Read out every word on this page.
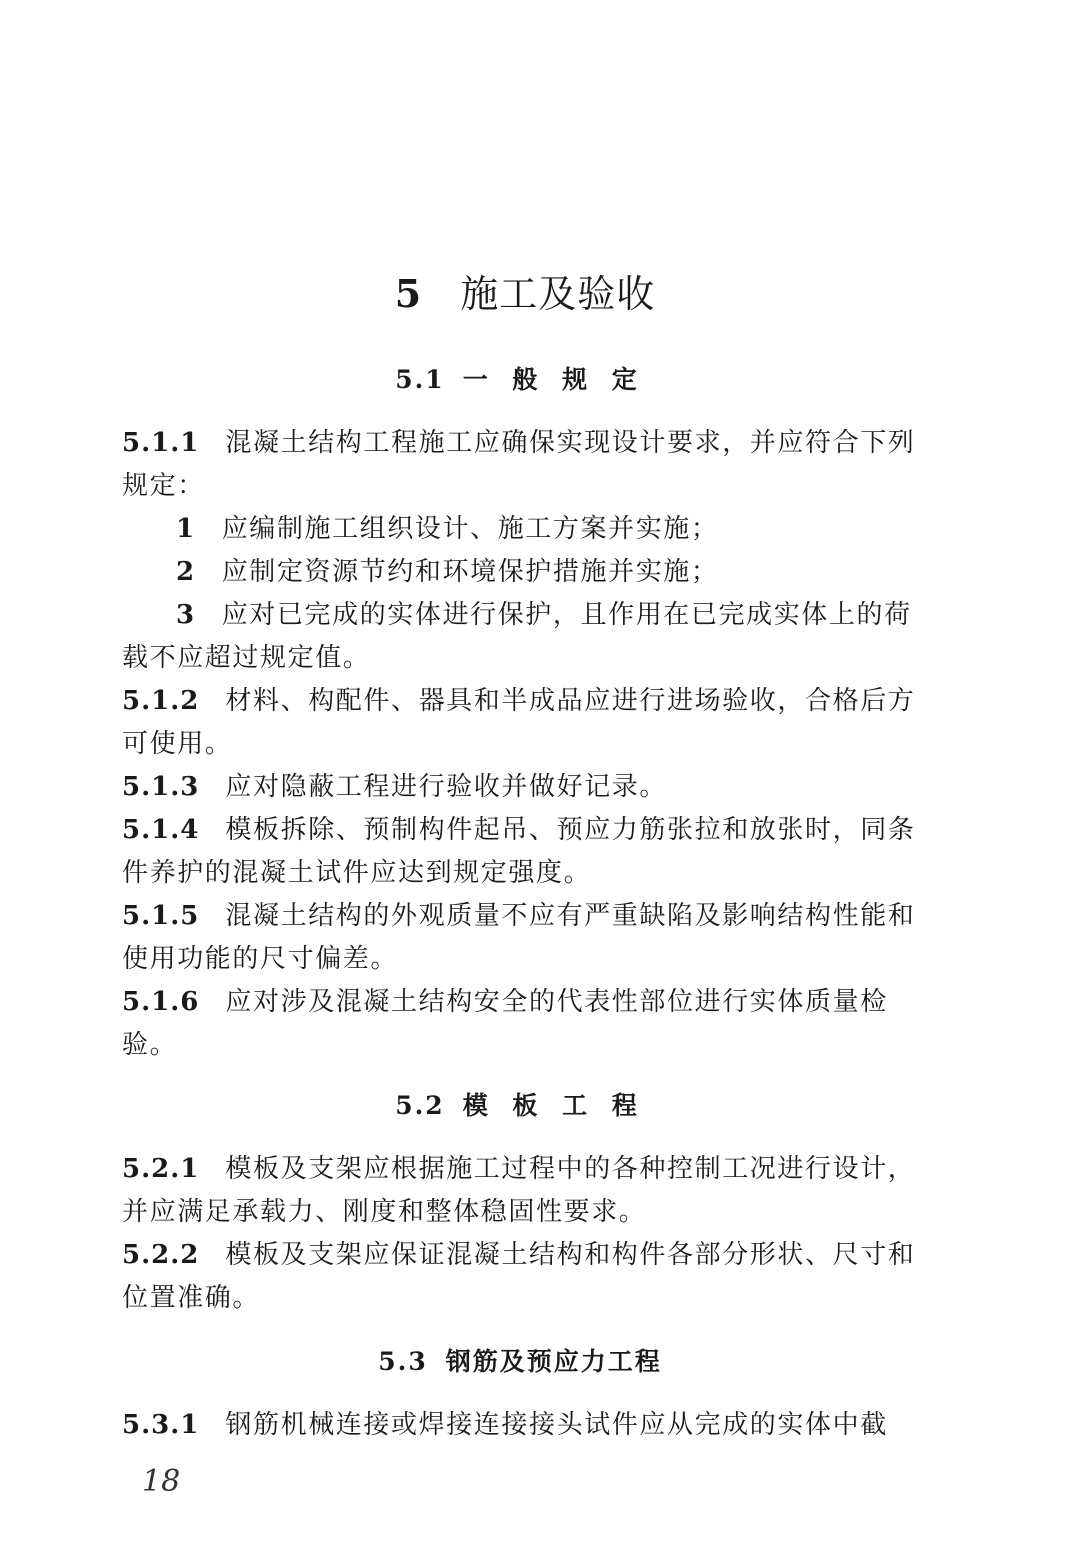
5 施工及验收
5.1 一 般 规 定
5.1.1 混凝土结构工程施工应确保实现设计要求，并应符合下列规定：
1 应编制施工组织设计、施工方案并实施；
2 应制定资源节约和环境保护措施并实施；
3 应对已完成的实体进行保护，且作用在已完成实体上的荷载不应超过规定值。
5.1.2 材料、构配件、器具和半成品应进行进场验收，合格后方可使用。
5.1.3 应对隐蔽工程进行验收并做好记录。
5.1.4 模板拆除、预制构件起吊、预应力筋张拉和放张时，同条件养护的混凝土试件应达到规定强度。
5.1.5 混凝土结构的外观质量不应有严重缺陷及影响结构性能和使用功能的尺寸偏差。
5.1.6 应对涉及混凝土结构安全的代表性部位进行实体质量检验。
5.2 模 板 工 程
5.2.1 模板及支架应根据施工过程中的各种控制工况进行设计，并应满足承载力、刚度和整体稳固性要求。
5.2.2 模板及支架应保证混凝土结构和构件各部分形状、尺寸和位置准确。
5.3 钢筋及预应力工程
5.3.1 钢筋机械连接或焊接连接接头试件应从完成的实体中截
18
